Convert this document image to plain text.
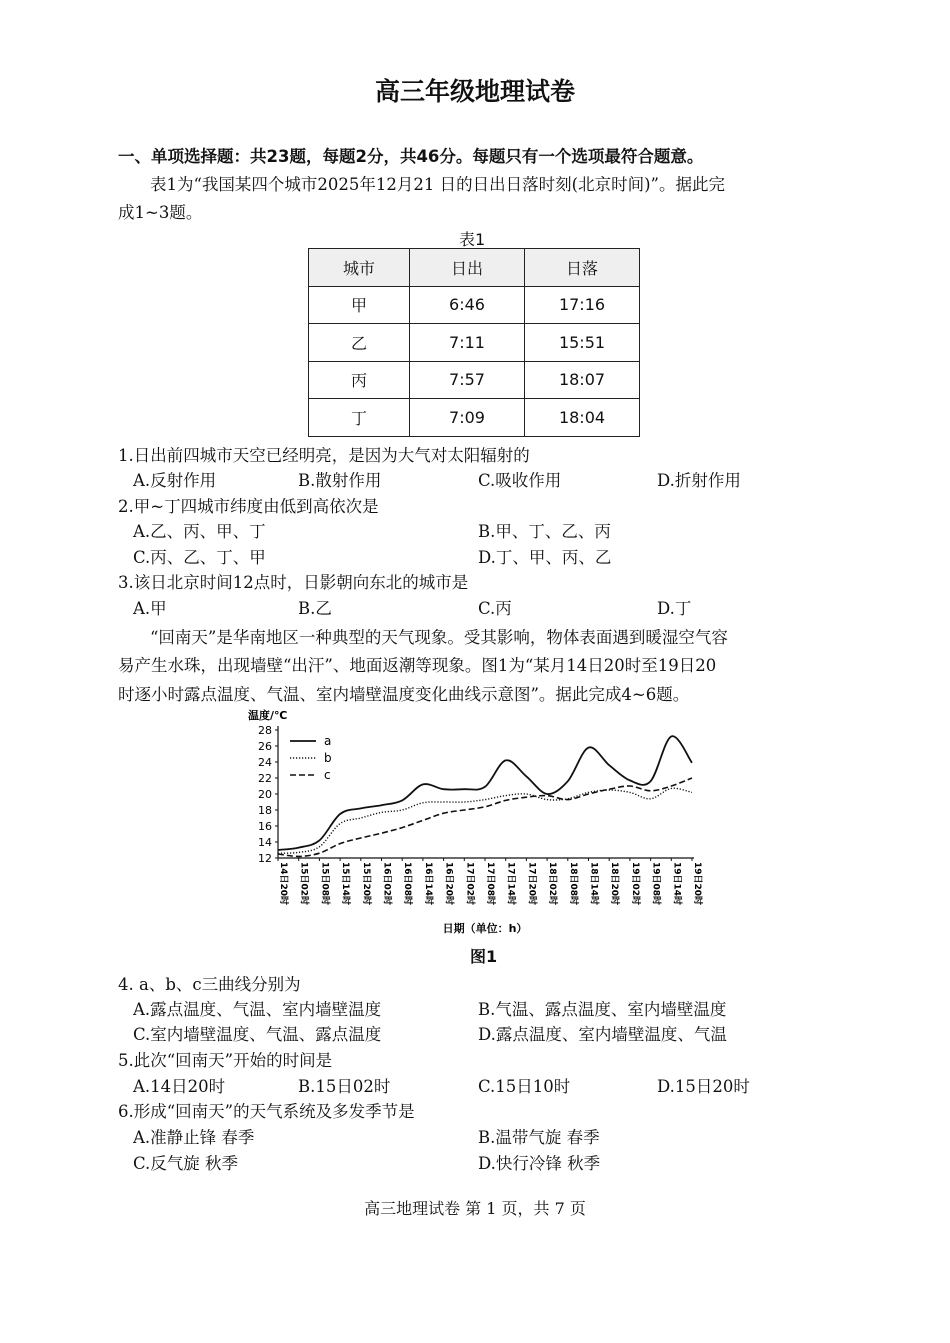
高三年级地理试卷
一、单项选择题：共23题，每题2分，共46分。每题只有一个选项最符合题意。
表1为“我国某四个城市2025年12月21 日的日出日落时刻(北京时间)”。据此完
成1~3题。
表1
城市	日出	日落
甲	6:46	17:16
乙	7:11	15:51
丙	7:57	18:07
丁	7:09	18:04
1.日出前四城市天空已经明亮，是因为大气对太阳辐射的
A.反射作用	B.散射作用	C.吸收作用	D.折射作用
2.甲~丁四城市纬度由低到高依次是
A.乙、丙、甲、丁	B.甲、丁、乙、丙
C.丙、乙、丁、甲	D.丁、甲、丙、乙
3.该日北京时间12点时，日影朝向东北的城市是
A.甲	B.乙	C.丙	D.丁
“回南天”是华南地区一种典型的天气现象。受其影响，物体表面遇到暖湿空气容
易产生水珠，出现墙壁“出汗”、地面返潮等现象。图1为“某月14日20时至19日20
时逐小时露点温度、气温、室内墙壁温度变化曲线示意图”。据此完成4~6题。
12
14
16
18
20
22
24
26
28
14日20时 15日02时 15日08时 15日14时 15日20时 16日02时 16日08时 16日14时 16日20时 17日02时 17日08时 17日14时 17日20时 18日02时 18日08时 18日14时 18日20时 19日02时 19日08时 19日14时 19日20时
a
b
c
温度/℃
日期（单位：h）
图1
4. a、b、c三曲线分别为
A.露点温度、气温、室内墙壁温度	B.气温、露点温度、室内墙壁温度
C.室内墙壁温度、气温、露点温度	D.露点温度、室内墙壁温度、气温
5.此次“回南天”开始的时间是
A.14日20时	B.15日02时	C.15日10时	D.15日20时
6.形成“回南天”的天气系统及多发季节是
A.准静止锋 春季	B.温带气旋 春季
C.反气旋 秋季	D.快行冷锋 秋季
高三地理试卷 第 1 页，共 7 页
